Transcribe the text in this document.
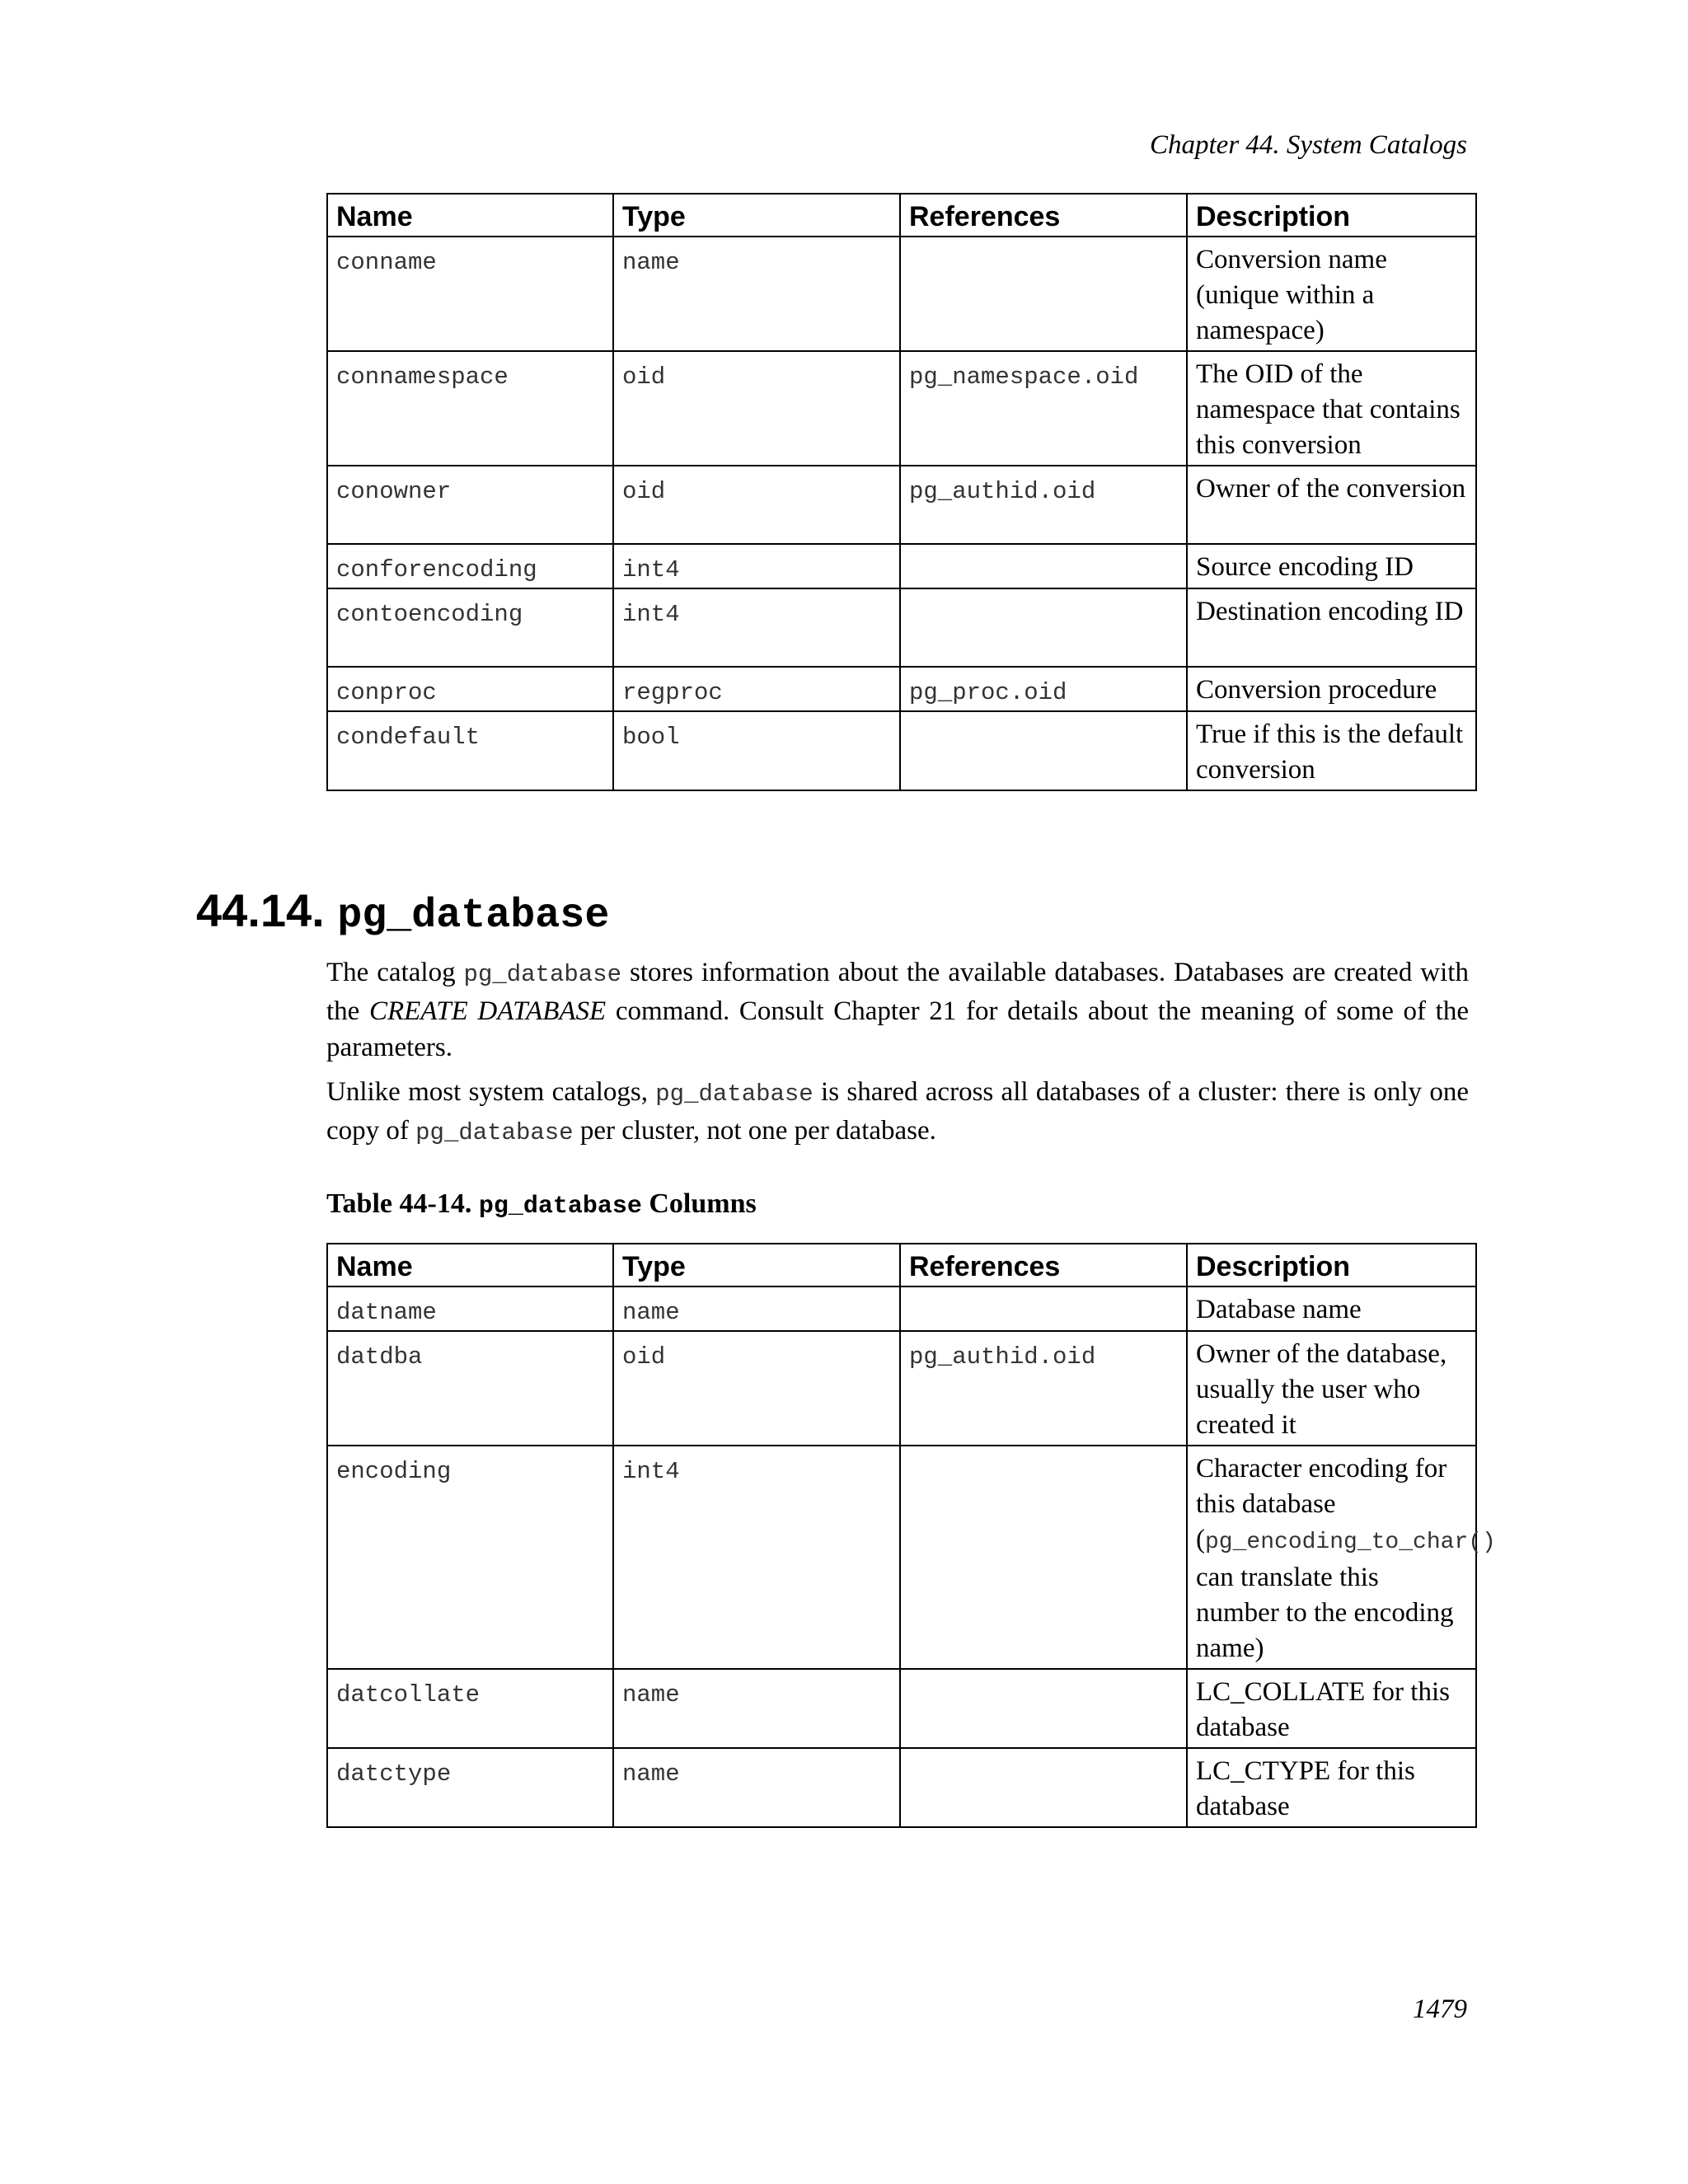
Chapter 44. System Catalogs
Name	Type	References	Description
conname	name		Conversion name (unique within a namespace)
connamespace	oid	pg_namespace.oid	The OID of the namespace that contains this conversion
conowner	oid	pg_authid.oid	Owner of the conversion
conforencoding	int4		Source encoding ID
contoencoding	int4		Destination encoding ID
conproc	regproc	pg_proc.oid	Conversion procedure
condefault	bool		True if this is the default conversion
44.14. pg_database
The catalog pg_database stores information about the available databases. Databases are created with the CREATE DATABASE command. Consult Chapter 21 for details about the meaning of some of the parameters.
Unlike most system catalogs, pg_database is shared across all databases of a cluster: there is only one copy of pg_database per cluster, not one per database.
Table 44-14. pg_database Columns
Name	Type	References	Description
datname	name		Database name
datdba	oid	pg_authid.oid	Owner of the database, usually the user who created it
encoding	int4		Character encoding for this database (pg_encoding_to_char() can translate this number to the encoding name)
datcollate	name		LC_COLLATE for this database
datctype	name		LC_CTYPE for this database
1479
